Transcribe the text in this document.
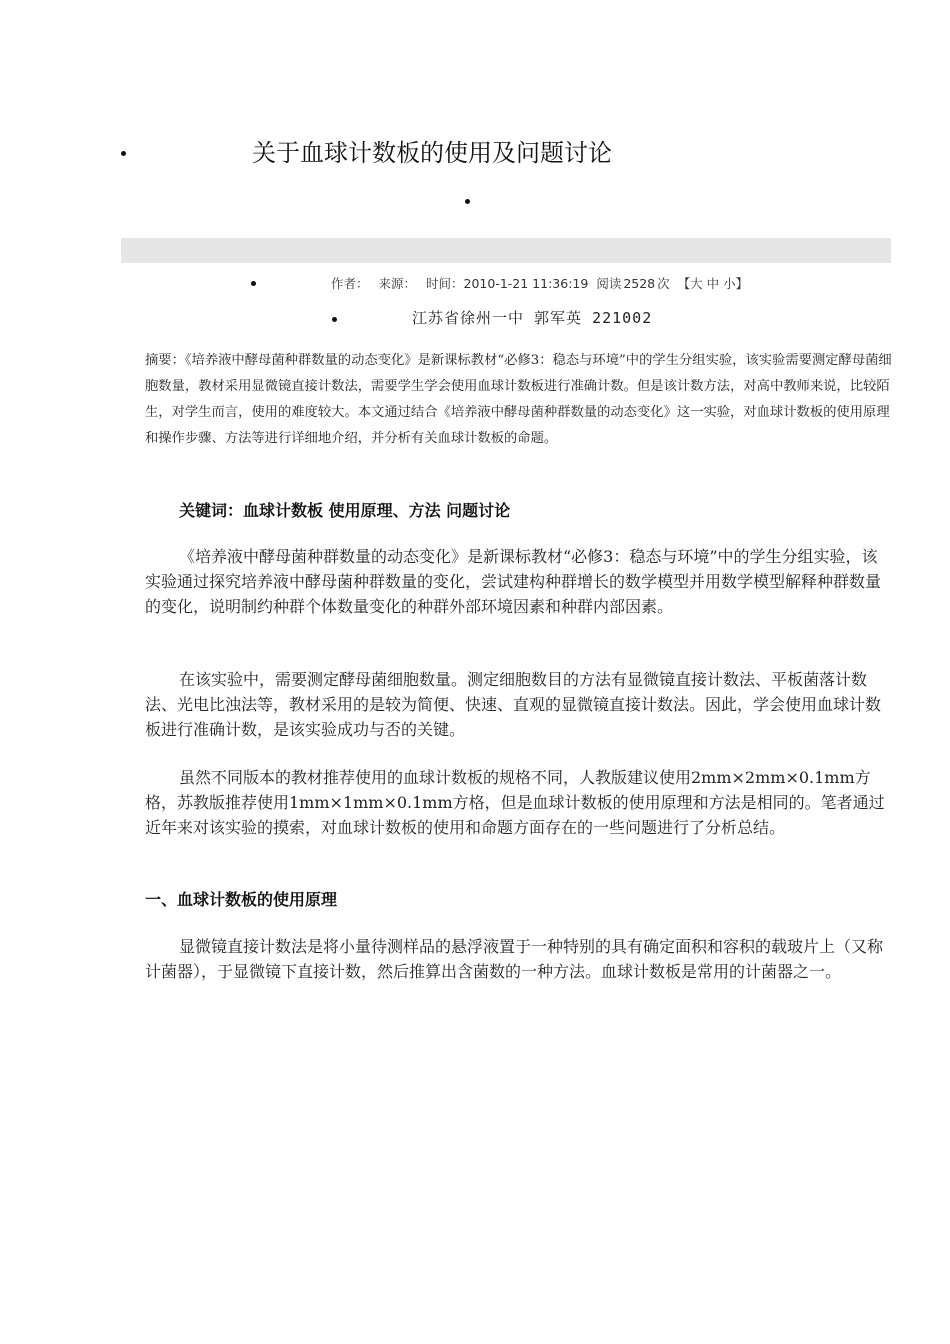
关于血球计数板的使用及问题讨论
作者： 来源： 时间：2010-1-21 11:36:19 阅读 2528 次 【大 中 小】
江苏省徐州一中 郭军英 221002
摘要：《培养液中酵母菌种群数量的动态变化》是新课标教材“必修3：稳态与环境”中的学生分组实验，该实验需要测定酵母菌细胞数量，教材采用显微镜直接计数法，需要学生学会使用血球计数板进行准确计数。但是该计数方法，对高中教师来说，比较陌生，对学生而言，使用的难度较大。本文通过结合《培养液中酵母菌种群数量的动态变化》这一实验，对血球计数板的使用原理和操作步骤、方法等进行详细地介绍，并分析有关血球计数板的命题。
关键词：血球计数板 使用原理、方法 问题讨论
《培养液中酵母菌种群数量的动态变化》是新课标教材“必修3：稳态与环境”中的学生分组实验，该实验通过探究培养液中酵母菌种群数量的变化，尝试建构种群增长的数学模型并用数学模型解释种群数量的变化，说明制约种群个体数量变化的种群外部环境因素和种群内部因素。
在该实验中，需要测定酵母菌细胞数量。测定细胞数目的方法有显微镜直接计数法、平板菌落计数法、光电比浊法等，教材采用的是较为简便、快速、直观的显微镜直接计数法。因此，学会使用血球计数板进行准确计数，是该实验成功与否的关键。
虽然不同版本的教材推荐使用的血球计数板的规格不同，人教版建议使用2mm×2mm×0.1mm方格，苏教版推荐使用1mm×1mm×0.1mm方格，但是血球计数板的使用原理和方法是相同的。笔者通过近年来对该实验的摸索，对血球计数板的使用和命题方面存在的一些问题进行了分析总结。
一、血球计数板的使用原理
显微镜直接计数法是将小量待测样品的悬浮液置于一种特别的具有确定面积和容积的载玻片上（又称计菌器），于显微镜下直接计数，然后推算出含菌数的一种方法。血球计数板是常用的计菌器之一。
